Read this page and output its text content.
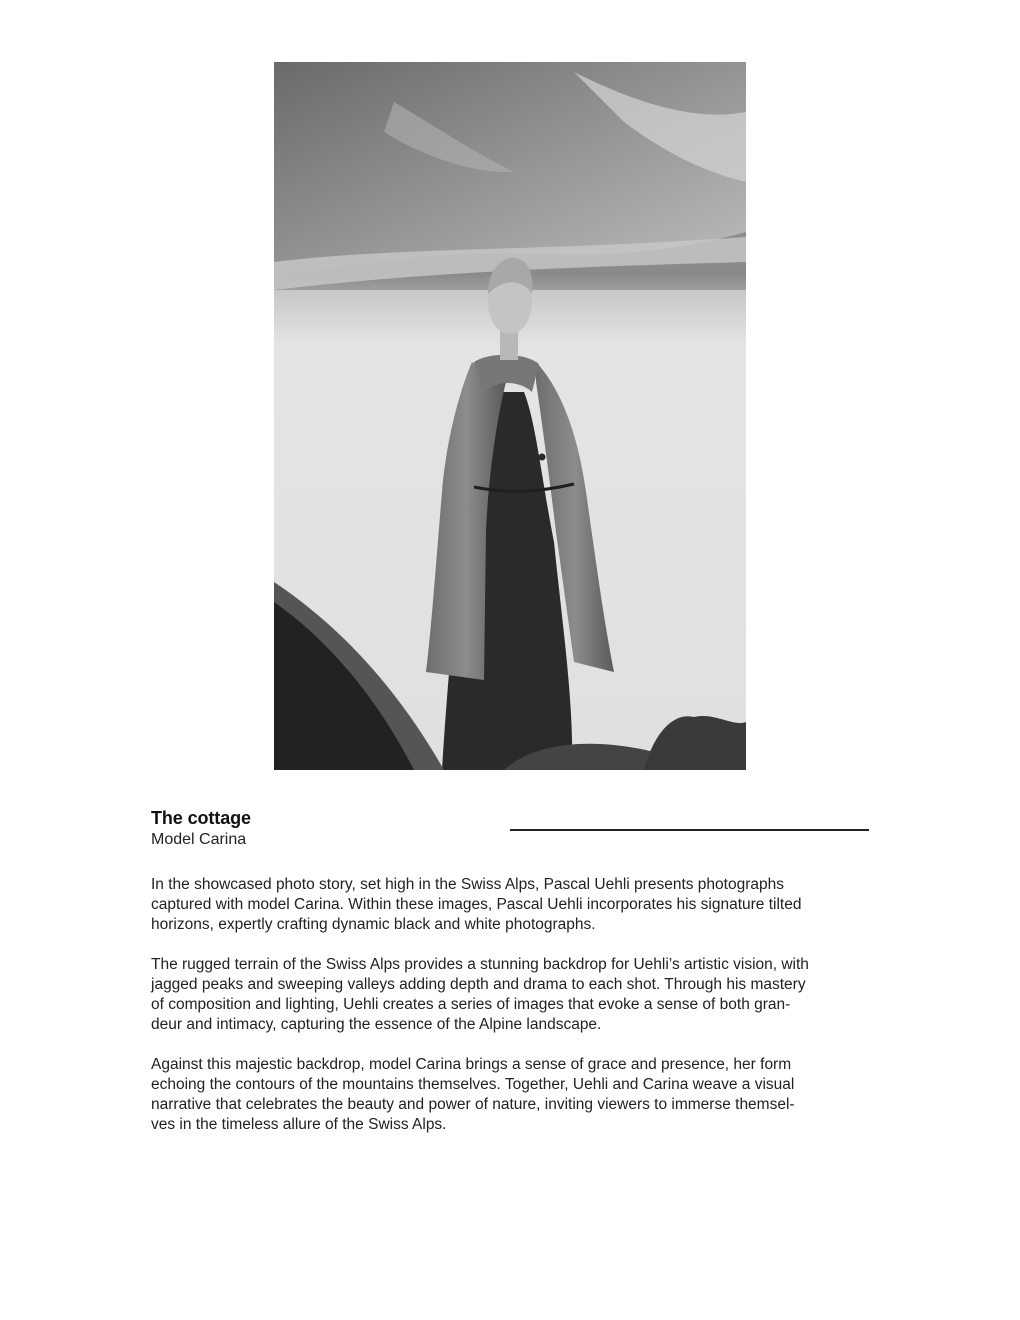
The cottage
Model Carina

In the showcased photo story, set high in the Swiss Alps, Pascal Uehli presents photographs
captured with model Carina. Within these images, Pascal Uehli incorporates his signature tilted
horizons, expertly crafting dynamic black and white photographs.

The rugged terrain of the Swiss Alps provides a stunning backdrop for Uehli’s artistic vision, with
jagged peaks and sweeping valleys adding depth and drama to each shot. Through his mastery
of composition and lighting, Uehli creates a series of images that evoke a sense of both gran-
deur and intimacy, capturing the essence of the Alpine landscape.

Against this majestic backdrop, model Carina brings a sense of grace and presence, her form
echoing the contours of the mountains themselves. Together, Uehli and Carina weave a visual
narrative that celebrates the beauty and power of nature, inviting viewers to immerse themsel-
ves in the timeless allure of the Swiss Alps.
